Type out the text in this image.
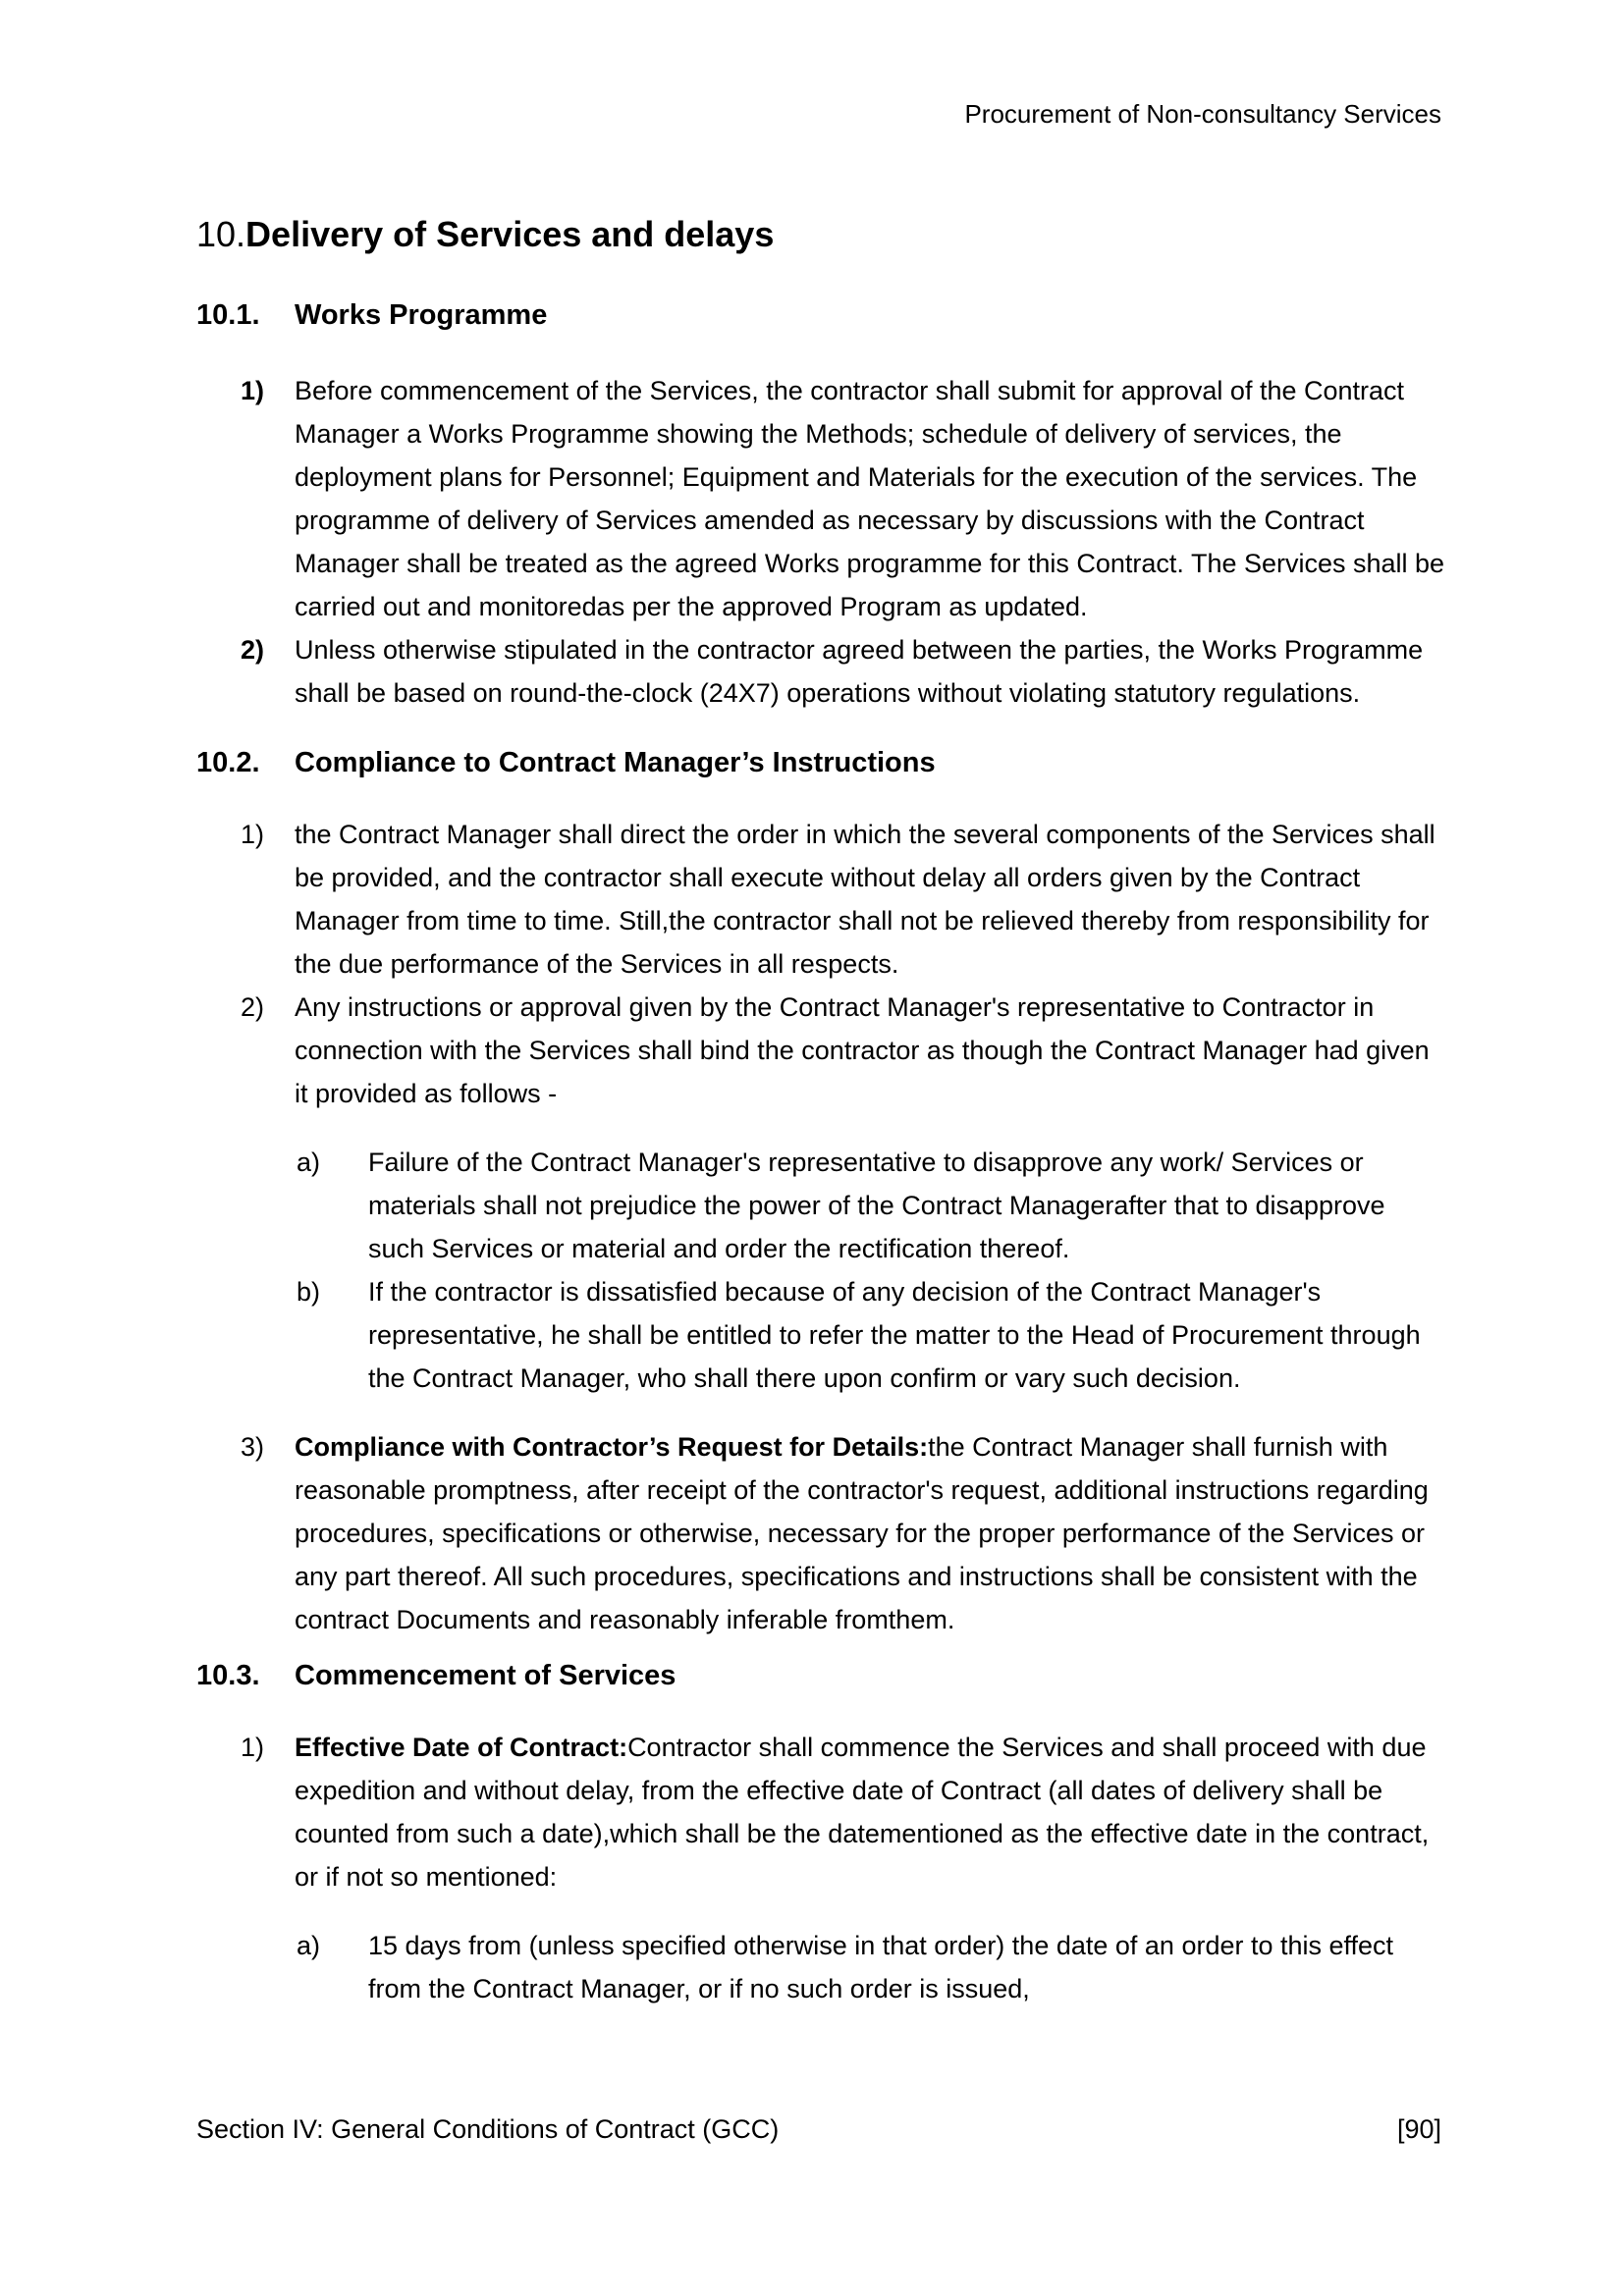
Procurement of Non-consultancy Services
10.Delivery of Services and delays
10.1.	Works Programme
1)	Before commencement of the Services, the contractor shall submit for approval of the Contract Manager a Works Programme showing the Methods; schedule of delivery of services, the deployment plans for Personnel; Equipment and Materials for the execution of the services. The programme of delivery of Services amended as necessary by discussions with the Contract Manager shall be treated as the agreed Works programme for this Contract. The Services shall be carried out and monitoredas per the approved Program as updated.
2)	Unless otherwise stipulated in the contractor agreed between the parties, the Works Programme shall be based on round-the-clock (24X7) operations without violating statutory regulations.
10.2.	Compliance to Contract Manager’s Instructions
1)	the Contract Manager shall direct the order in which the several components of the Services shall be provided, and the contractor shall execute without delay all orders given by the Contract Manager from time to time. Still,the contractor shall not be relieved thereby from responsibility for the due performance of the Services in all respects.
2)	Any instructions or approval given by the Contract Manager's representative to Contractor in connection with the Services shall bind the contractor as though the Contract Manager had given it provided as follows -
a)	Failure of the Contract Manager's representative to disapprove any work/ Services or materials shall not prejudice the power of the Contract Managerafter that to disapprove such Services or material and order the rectification thereof.
b)	If the contractor is dissatisfied because of any decision of the Contract Manager's representative, he shall be entitled to refer the matter to the Head of Procurement through the Contract Manager, who shall there upon confirm or vary such decision.
3)	Compliance with Contractor’s Request for Details:the Contract Manager shall furnish with reasonable promptness, after receipt of the contractor's request, additional instructions regarding procedures, specifications or otherwise, necessary for the proper performance of the Services or any part thereof. All such procedures, specifications and instructions shall be consistent with the contract Documents and reasonably inferable fromthem.
10.3.	Commencement of Services
1)	Effective Date of Contract:Contractor shall commence the Services and shall proceed with due expedition and without delay, from the effective date of Contract (all dates of delivery shall be counted from such a date),which shall be the datementioned as the effective date in the contract, or if not so mentioned:
a)	15 days from (unless specified otherwise in that order) the date of an order to this effect from the Contract Manager, or if no such order is issued,
Section IV: General Conditions of Contract (GCC)	[90]
